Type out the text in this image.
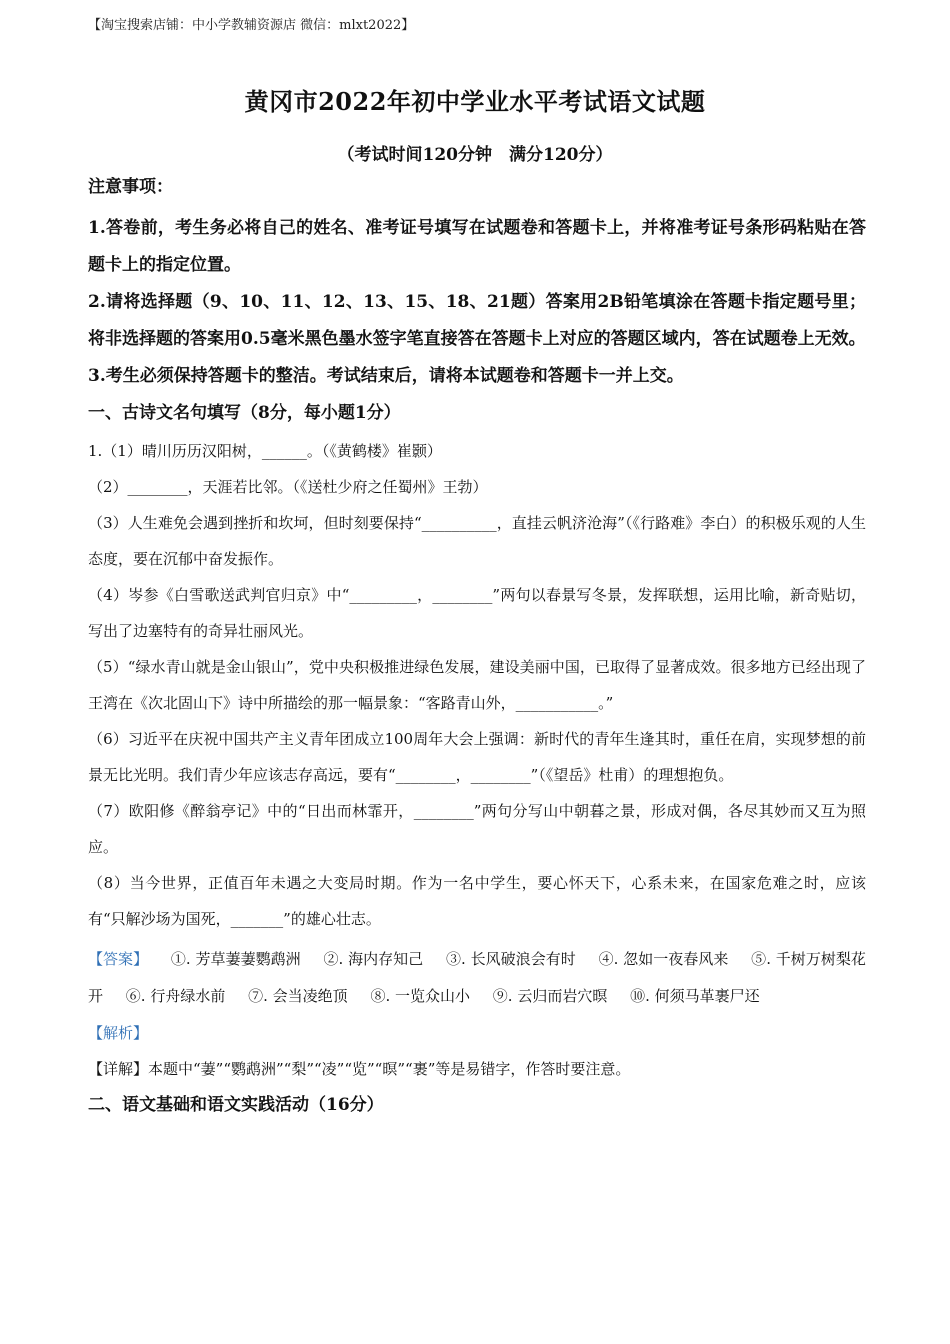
【淘宝搜索店铺：中小学教辅资源店 微信：mlxt2022】
黄冈市2022年初中学业水平考试语文试题
（考试时间120分钟　满分120分）
注意事项：
1.答卷前，考生务必将自己的姓名、准考证号填写在试题卷和答题卡上，并将准考证号条形码粘贴在答题卡上的指定位置。
2.请将选择题（9、10、11、12、13、15、18、21题）答案用2B铅笔填涂在答题卡指定题号里；将非选择题的答案用0.5毫米黑色墨水签字笔直接答在答题卡上对应的答题区域内，答在试题卷上无效。
3.考生必须保持答题卡的整洁。考试结束后，请将本试题卷和答题卡一并上交。
一、古诗文名句填写（8分，每小题1分）
1.（1）晴川历历汉阳树，______。（《黄鹤楼》崔颢）
（2）________，天涯若比邻。（《送杜少府之任蜀州》王勃）
（3）人生难免会遇到挫折和坎坷，但时刻要保持“__________，直挂云帆济沧海”（《行路难》李白）的积极乐观的人生态度，要在沉郁中奋发振作。
（4）岑参《白雪歌送武判官归京》中“_________，________”两句以春景写冬景，发挥联想，运用比喻，新奇贴切，写出了边塞特有的奇异壮丽风光。
（5）“绿水青山就是金山银山”，党中央积极推进绿色发展，建设美丽中国，已取得了显著成效。很多地方已经出现了王湾在《次北固山下》诗中所描绘的那一幅景象：“客路青山外，___________。”
（6）习近平在庆祝中国共产主义青年团成立100周年大会上强调：新时代的青年生逢其时，重任在肩，实现梦想的前景无比光明。我们青少年应该志存高远，要有“________，________”（《望岳》杜甫）的理想抱负。
（7）欧阳修《醉翁亭记》中的“日出而林霏开，________”两句分写山中朝暮之景，形成对偶，各尽其妙而又互为照应。
（8）当今世界，正值百年未遇之大变局时期。作为一名中学生，要心怀天下，心系未来，在国家危难之时，应该有“只解沙场为国死，_______”的雄心壮志。
【答案】 ①. 芳草萋萋鹦鹉洲 ②. 海内存知己 ③. 长风破浪会有时 ④. 忽如一夜春风来 ⑤. 千树万树梨花开 ⑥. 行舟绿水前 ⑦. 会当凌绝顶 ⑧. 一览众山小 ⑨. 云归而岩穴暝 ⑩. 何须马革裹尸还
【解析】
【详解】本题中“萋”“鹦鹉洲”“梨”“凌”“览”“暝”“裹”等是易错字，作答时要注意。
二、语文基础和语文实践活动（16分）
